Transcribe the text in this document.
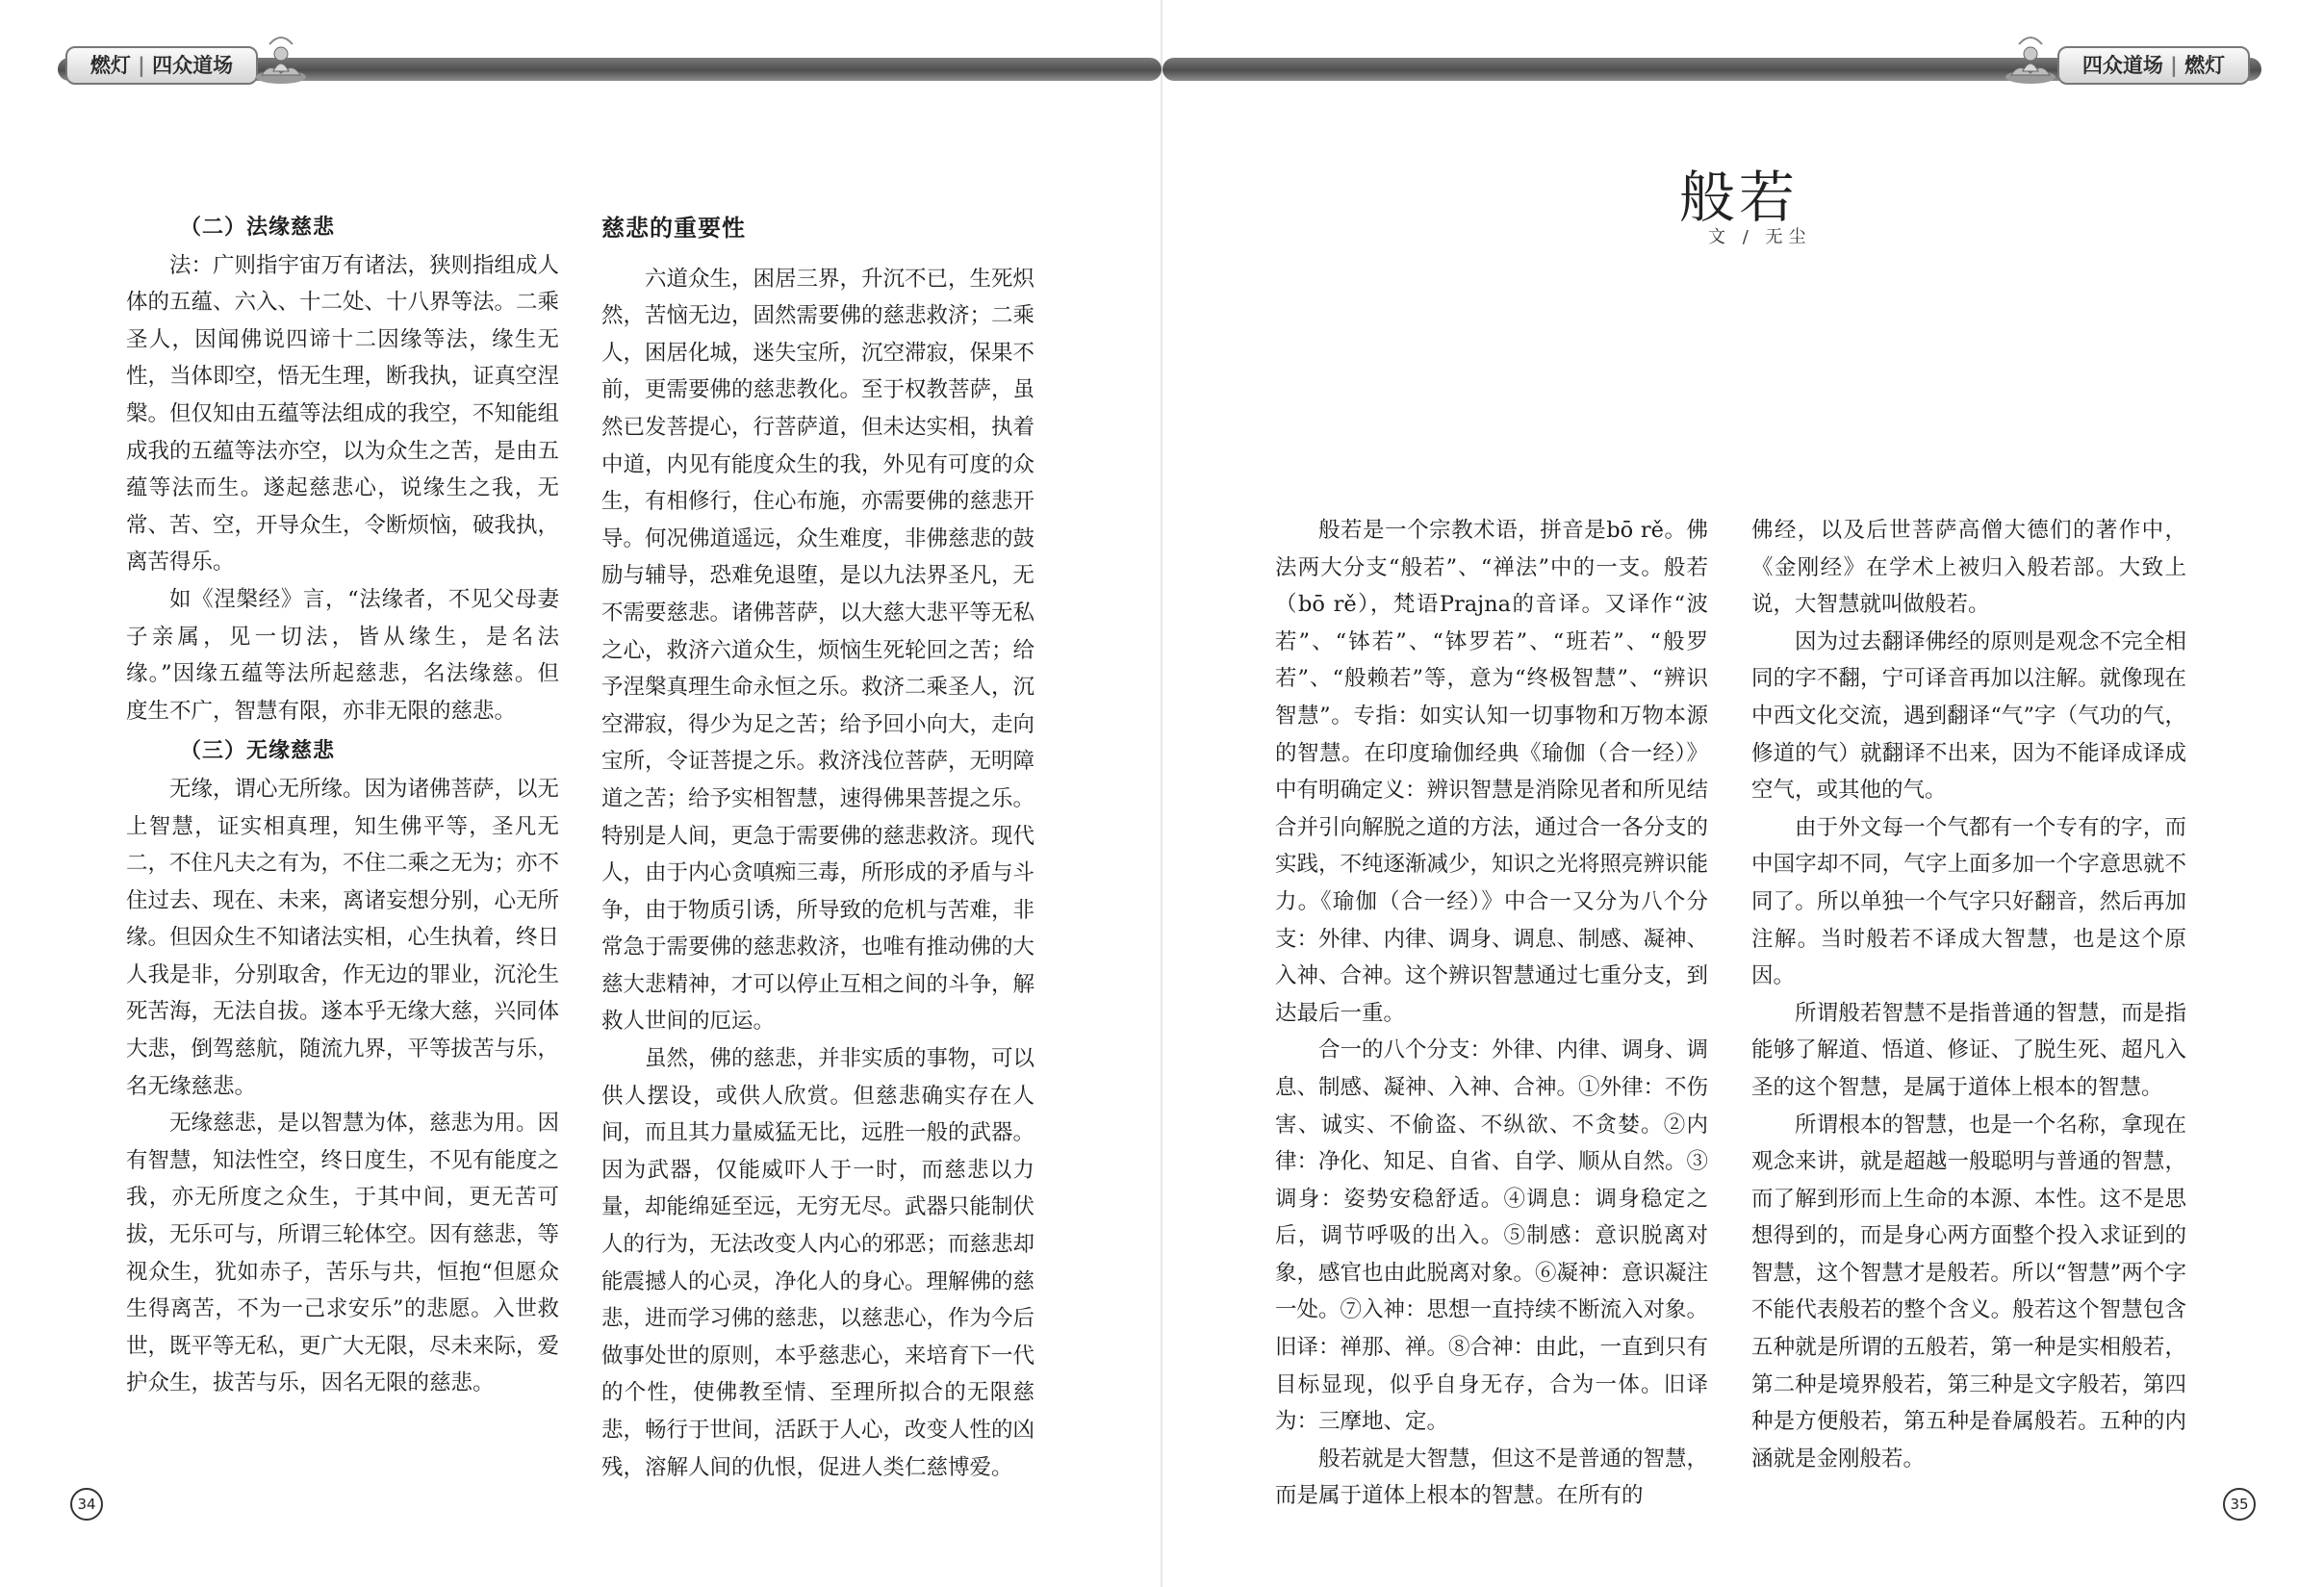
燃灯 | 四众道场
（二）法缘慈悲

法：广则指宇宙万有诸法，狭则指组成人体的五蕴、六入、十二处、十八界等法。二乘圣人，因闻佛说四谛十二因缘等法，缘生无性，当体即空，悟无生理，断我执，证真空涅槃。但仅知由五蕴等法组成的我空，不知能组成我的五蕴等法亦空，以为众生之苦，是由五蕴等法而生。遂起慈悲心，说缘生之我，无常、苦、空，开导众生，令断烦恼，破我执，离苦得乐。

如《涅槃经》言，“法缘者，不见父母妻子亲属，见一切法，皆从缘生，是名法缘。”因缘五蕴等法所起慈悲，名法缘慈。但度生不广，智慧有限，亦非无限的慈悲。

（三）无缘慈悲

无缘，谓心无所缘。因为诸佛菩萨，以无上智慧，证实相真理，知生佛平等，圣凡无二，不住凡夫之有为，不住二乘之无为；亦不住过去、现在、未来，离诸妄想分别，心无所缘。但因众生不知诸法实相，心生执着，终日人我是非，分别取舍，作无边的罪业，沉沦生死苦海，无法自拔。遂本乎无缘大慈，兴同体大悲，倒驾慈航，随流九界，平等拔苦与乐，名无缘慈悲。

无缘慈悲，是以智慧为体，慈悲为用。因有智慧，知法性空，终日度生，不见有能度之我，亦无所度之众生，于其中间，更无苦可拔，无乐可与，所谓三轮体空。因有慈悲，等视众生，犹如赤子，苦乐与共，恒抱“但愿众生得离苦，不为一己求安乐”的悲愿。入世救世，既平等无私，更广大无限，尽未来际，爱护众生，拔苦与乐，因名无限的慈悲。

慈悲的重要性

六道众生，困居三界，升沉不已，生死炽然，苦恼无边，固然需要佛的慈悲救济；二乘人，困居化城，迷失宝所，沉空滞寂，保果不前，更需要佛的慈悲教化。至于权教菩萨，虽然已发菩提心，行菩萨道，但未达实相，执着中道，内见有能度众生的我，外见有可度的众生，有相修行，住心布施，亦需要佛的慈悲开导。何况佛道遥远，众生难度，非佛慈悲的鼓励与辅导，恐难免退堕，是以九法界圣凡，无不需要慈悲。诸佛菩萨，以大慈大悲平等无私之心，救济六道众生，烦恼生死轮回之苦；给予涅槃真理生命永恒之乐。救济二乘圣人，沉空滞寂，得少为足之苦；给予回小向大，走向宝所，令证菩提之乐。救济浅位菩萨，无明障道之苦；给予实相智慧，速得佛果菩提之乐。特别是人间，更急于需要佛的慈悲救济。现代人，由于内心贪嗔痴三毒，所形成的矛盾与斗争，由于物质引诱，所导致的危机与苦难，非常急于需要佛的慈悲救济，也唯有推动佛的大慈大悲精神，才可以停止互相之间的斗争，解救人世间的厄运。

虽然，佛的慈悲，并非实质的事物，可以供人摆设，或供人欣赏。但慈悲确实存在人间，而且其力量威猛无比，远胜一般的武器。因为武器，仅能威吓人于一时，而慈悲以力量，却能绵延至远，无穷无尽。武器只能制伏人的行为，无法改变人内心的邪恶；而慈悲却能震撼人的心灵，净化人的身心。理解佛的慈悲，进而学习佛的慈悲，以慈悲心，作为今后做事处世的原则，本乎慈悲心，来培育下一代的个性，使佛教至情、至理所拟合的无限慈悲，畅行于世间，活跃于人心，改变人性的凶残，溶解人间的仇恨，促进人类仁慈博爱。

34
四众道场 | 燃灯
般若
文 / 无尘

般若是一个宗教术语，拼音是bō rě。佛法两大分支“般若”、“禅法”中的一支。般若（bō rě），梵语Prajna的音译。又译作“波若”、“钵若”、“钵罗若”、“班若”、“般罗若”、“般赖若”等，意为“终极智慧”、“辨识智慧”。专指：如实认知一切事物和万物本源的智慧。在印度瑜伽经典《瑜伽（合一经）》中有明确定义：辨识智慧是消除见者和所见结合并引向解脱之道的方法，通过合一各分支的实践，不纯逐渐减少，知识之光将照亮辨识能力。《瑜伽（合一经）》中合一又分为八个分支：外律、内律、调身、调息、制感、凝神、入神、合神。这个辨识智慧通过七重分支，到达最后一重。

合一的八个分支：外律、内律、调身、调息、制感、凝神、入神、合神。①外律：不伤害、诚实、不偷盗、不纵欲、不贪婪。②内律：净化、知足、自省、自学、顺从自然。③调身：姿势安稳舒适。④调息：调身稳定之后，调节呼吸的出入。⑤制感：意识脱离对象，感官也由此脱离对象。⑥凝神：意识凝注一处。⑦入神：思想一直持续不断流入对象。旧译：禅那、禅。⑧合神：由此，一直到只有目标显现，似乎自身无存，合为一体。旧译为：三摩地、定。

般若就是大智慧，但这不是普通的智慧，而是属于道体上根本的智慧。在所有的

佛经，以及后世菩萨高僧大德们的著作中，《金刚经》在学术上被归入般若部。大致上说，大智慧就叫做般若。

因为过去翻译佛经的原则是观念不完全相同的字不翻，宁可译音再加以注解。就像现在中西文化交流，遇到翻译“气”字（气功的气，修道的气）就翻译不出来，因为不能译成译成空气，或其他的气。

由于外文每一个气都有一个专有的字，而中国字却不同，气字上面多加一个字意思就不同了。所以单独一个气字只好翻音，然后再加注解。当时般若不译成大智慧，也是这个原因。

所谓般若智慧不是指普通的智慧，而是指能够了解道、悟道、修证、了脱生死、超凡入圣的这个智慧，是属于道体上根本的智慧。

所谓根本的智慧，也是一个名称，拿现在观念来讲，就是超越一般聪明与普通的智慧，而了解到形而上生命的本源、本性。这不是思想得到的，而是身心两方面整个投入求证到的智慧，这个智慧才是般若。所以“智慧”两个字不能代表般若的整个含义。般若这个智慧包含五种就是所谓的五般若，第一种是实相般若，第二种是境界般若，第三种是文字般若，第四种是方便般若，第五种是眷属般若。五种的内涵就是金刚般若。

35
